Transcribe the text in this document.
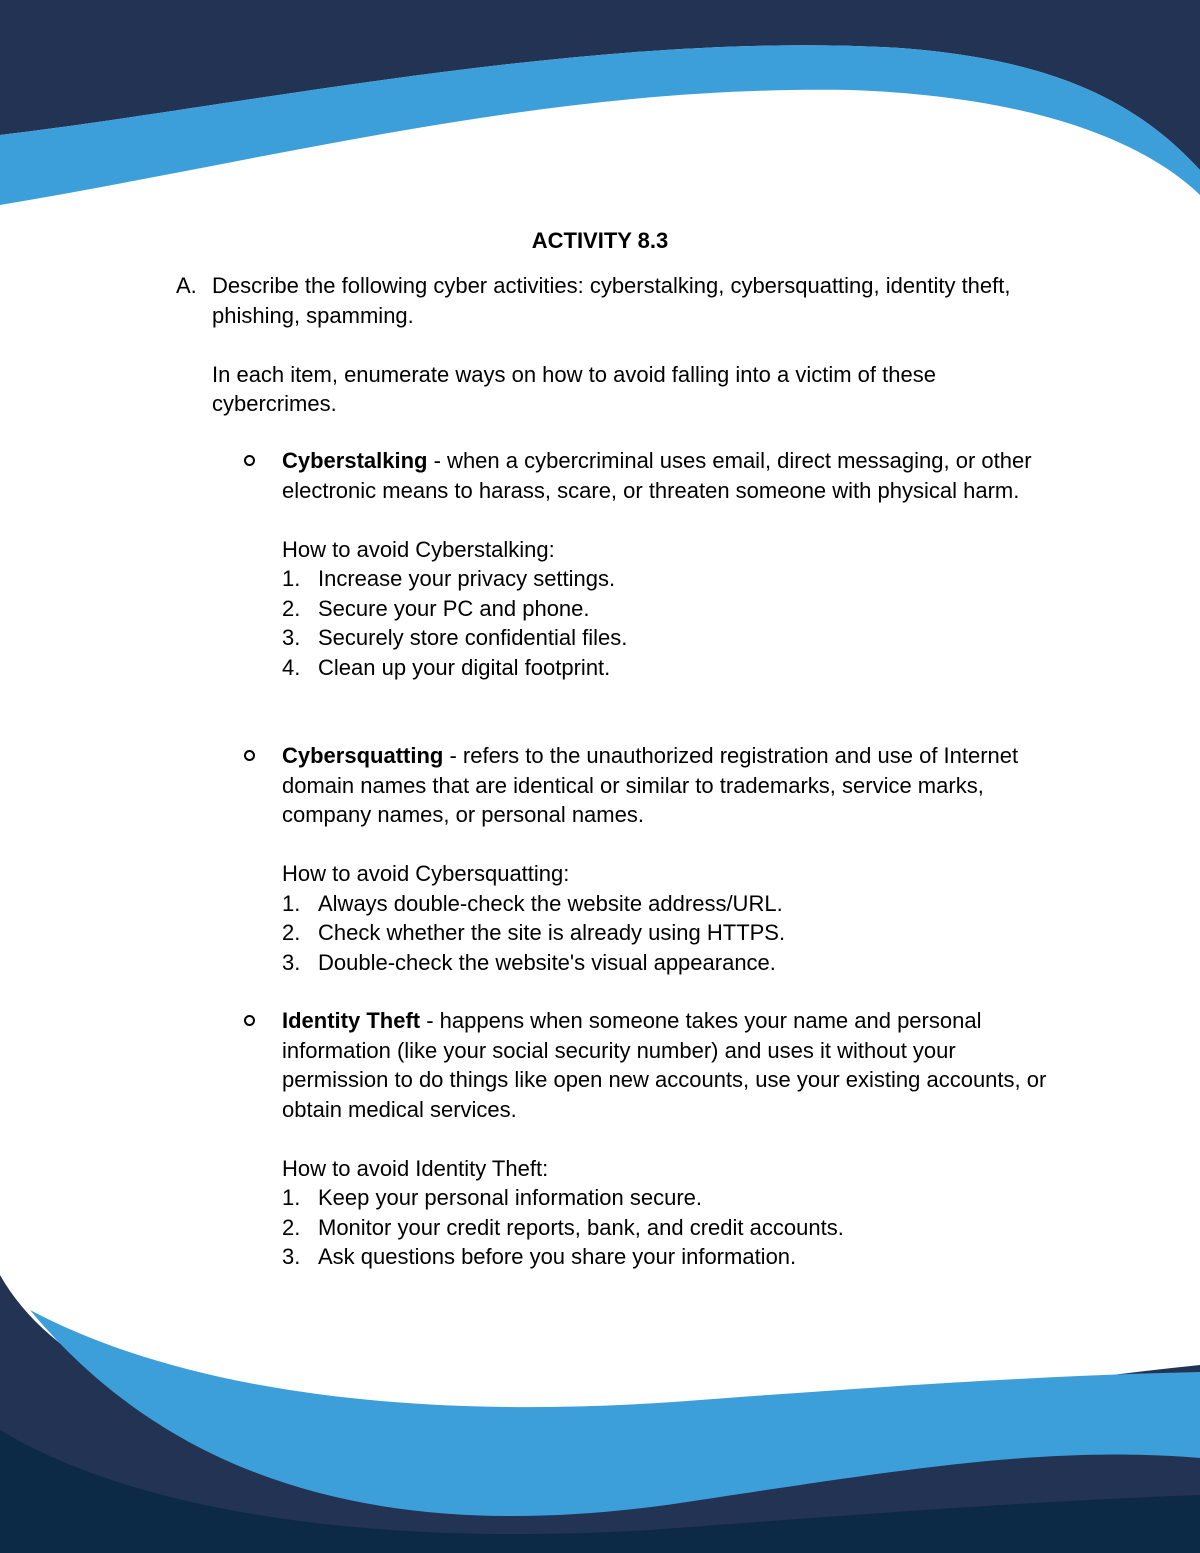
ACTIVITY 8.3
A. Describe the following cyber activities: cyberstalking, cybersquatting, identity theft, phishing, spamming.

In each item, enumerate ways on how to avoid falling into a victim of these cybercrimes.

Cyberstalking - when a cybercriminal uses email, direct messaging, or other electronic means to harass, scare, or threaten someone with physical harm.

How to avoid Cyberstalking:

1. Increase your privacy settings.
2. Secure your PC and phone.
3. Securely store confidential files.
4. Clean up your digital footprint.

Cybersquatting - refers to the unauthorized registration and use of Internet domain names that are identical or similar to trademarks, service marks, company names, or personal names.

How to avoid Cybersquatting:

1. Always double-check the website address/URL.
2. Check whether the site is already using HTTPS.
3. Double-check the website's visual appearance.

Identity Theft - happens when someone takes your name and personal information (like your social security number) and uses it without your permission to do things like open new accounts, use your existing accounts, or obtain medical services.

How to avoid Identity Theft:

1. Keep your personal information secure.
2. Monitor your credit reports, bank, and credit accounts.
3. Ask questions before you share your information.
